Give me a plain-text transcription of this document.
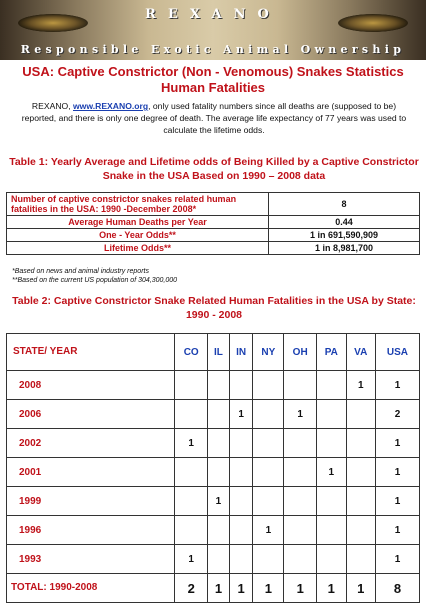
REXANO
Responsible Exotic Animal Ownership
USA: Captive Constrictor (Non - Venomous) Snakes Statistics Human Fatalities
REXANO, www.REXANO.org, only used fatality numbers since all deaths are (supposed to be) reported, and there is only one degree of death. The average life expectancy of 77 years was used to calculate the lifetime odds.
Table 1: Yearly Average and Lifetime odds of Being Killed by a Captive Constrictor Snake in the USA Based on 1990 – 2008 data
Number of captive constrictor snakes related human fatalities in the USA: 1990 -December 2008*	8
Average Human Deaths per Year	0.44
One - Year Odds**	1 in 691,590,909
Lifetime Odds**	1 in 8,981,700
*Based on news and animal industry reports
**Based on the current US population of 304,300,000
Table 2: Captive Constrictor Snake Related Human Fatalities in the USA by State: 1990 - 2008
STATE/ YEAR	CO	IL	IN	NY	OH	PA	VA	USA
2008							1	1
2006			1		1			2
2002	1							1
2001						1		1
1999		1						1
1996				1				1
1993	1							1
TOTAL: 1990-2008	2	1	1	1	1	1	1	8
